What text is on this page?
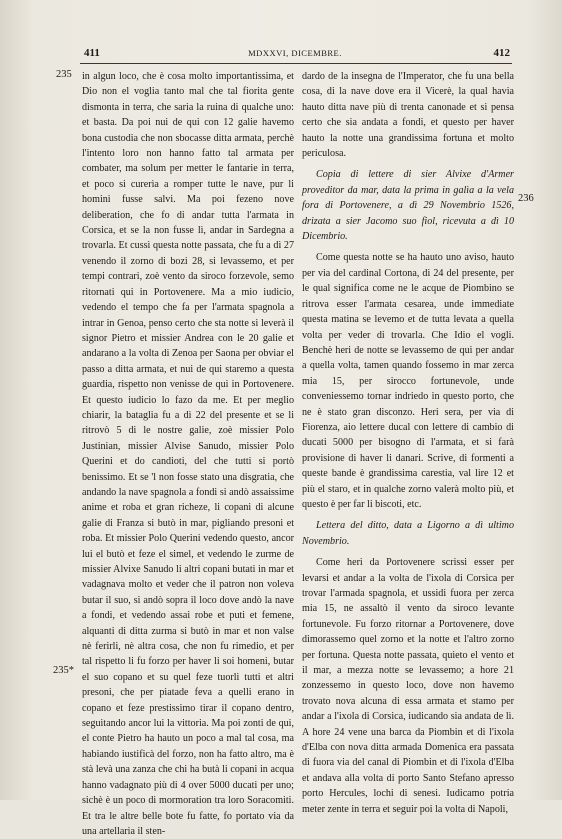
411	MDXXVI, DICEMBRE.	412
235
235*
236

in algun loco, che è cosa molto importantissima, et Dio non el voglia tanto mal che tal fiorita gente dismonta in terra, che saria la ruina di qualche uno: et basta. Da poi nui de qui con 12 galie havemo bona custodia che non sbocasse ditta armata, perchè l'intento loro non hanno fatto tal armata per combater, ma solum per metter le fantarie in terra, et poco si curerìa a romper tutte le nave, pur li homini fusse salvi. Ma poi fezeno nove deliberation, che fo di andar tutta l'armata in Corsica, et se la non fusse lì, andar in Sardegna a trovarla. Et cussì questa notte passata, che fu a dì 27 venendo il zorno di bozi 28, si levassemo, et per tempi contrari, zoè vento da siroco forzevole, semo ritornati qui in Portovenere. Ma a mio iudicio, vedendo el tempo che fa per l'armata spagnola a intrar in Genoa, penso certo che sta notte si leverà il signor Pietro et missier Andrea con le 20 galie et andarano a la volta di Zenoa per Saona per obviar el passo a ditta armata, et nui de qui staremo a questa guardia, rispetto non venisse de qui in Portovenere. Et questo iudicio lo fazo da me. Et per meglio chiarir, la bataglia fu a dì 22 del presente et se li ritrovò 5 di le nostre galie, zoè missier Polo Justinian, missier Alvise Sanudo, missier Polo Querini et do candioti, del che tutti si portò benissimo. Et se 'l non fosse stato una disgratia, che andando la nave spagnola a fondi si andò assaissime anime et roba et gran richeze, li copani di alcune galie di Franza si butò in mar, pigliando presoni et roba. Et missier Polo Querini vedendo questo, ancor lui el butò et feze el simel, et vedendo le zurme de missier Alvixe Sanudo li altri copani butati in mar et vadagnava molto et veder che il patron non voleva butar il suo, si andò sopra il loco dove andò la nave a fondi, et vedendo assai robe et puti et femene, alquanti di ditta zurma si butò in mar et non valse nè ferirli, nè altra cosa, che non fu rimedio, et per tal rispetto li fu forzo per haver li soi homeni, butar el suo copano et su quel feze tuorli tutti et altri presoni, che per piatade feva a quelli erano in copano et feze prestissimo tirar il copano dentro, seguitando ancor lui la vittoria. Ma poi zonti de qui, el conte Pietro ha hauto un poco a mal tal cosa, ma habiando iustificà del forzo, non ha fatto altro, ma è stà levà una zanza che chi ha butà li copani in acqua hanno vadagnato più di 4 over 5000 ducati per uno; sichè è un poco di mormoration tra loro Soracomiti. Et tra le altre belle bote fu fatte, fo portato via da una artellaria il sten-

dardo de la insegna de l'Imperator, che fu una bella cosa, di la nave dove era il Vicerè, la qual havia hauto ditta nave più di trenta canonade et si pensa certo che sia andata a fondi, et questo per haver hauto la notte una grandissima fortuna et molto periculosa.

Copia di lettere di sier Alvixe d'Armer proveditor da mar, data la prima in galìa a la vela fora di Portovenere, a dì 29 Novembrio 1526, drizata a sier Jacomo suo fiol, ricevuta a dì 10 Dicembrio.

Come questa notte se ha hauto uno aviso, hauto per via del cardinal Cortona, di 24 del presente, per le qual significa come ne le acque de Piombino se ritrova esser l'armata cesarea, unde immediate questa matina se levemo et de tutta levata a quella volta per veder di trovarla. Che Idio el vogli. Benchè heri de notte se levassemo de qui per andar a quella volta, tamen quando fossemo in mar zerca mia 15, per sirocco fortunevole, unde conveniessemo tornar indriedo in questo porto, che ne è stato gran disconzo. Heri sera, per via di Fiorenza, aio lettere ducal con lettere di cambio di ducati 5000 per bisogno di l'armata, et si farà provisione di haver li danari. Scrive, di formenti a queste bande è grandissima carestia, val lire 12 et più el staro, et in qualche zorno valerà molto più, et questo è per far li biscoti, etc.

Lettera del ditto, data a Ligorno a dì ultimo Novembrio.

Come heri da Portovenere scrissi esser per levarsi et andar a la volta de l'ixola di Corsica per trovar l'armada spagnola, et ussidi fuora per zerca mia 15, ne assaltò il vento da siroco levante fortunevole. Fu forzo ritornar a Portovenere, dove dimorassemo quel zorno et la notte et l'altro zorno per fortuna. Questa notte passata, quieto el vento et il mar, a mezza notte se levassemo; a hore 21 zonzessemo in questo loco, dove non havemo trovato nova alcuna di essa armata et stamo per andar a l'ixola di Corsica, iudicando sia andata de lì. A hore 24 vene una barca da Piombin et di l'ixola d'Elba con nova ditta armada Domenica era passata di fuora via del canal di Piombin et di l'ixola d'Elba et andava alla volta di porto Santo Stefano apresso porto Hercules, lochi di senesi. Iudicamo potria meter zente in terra et seguir poi la volta di Napoli,
